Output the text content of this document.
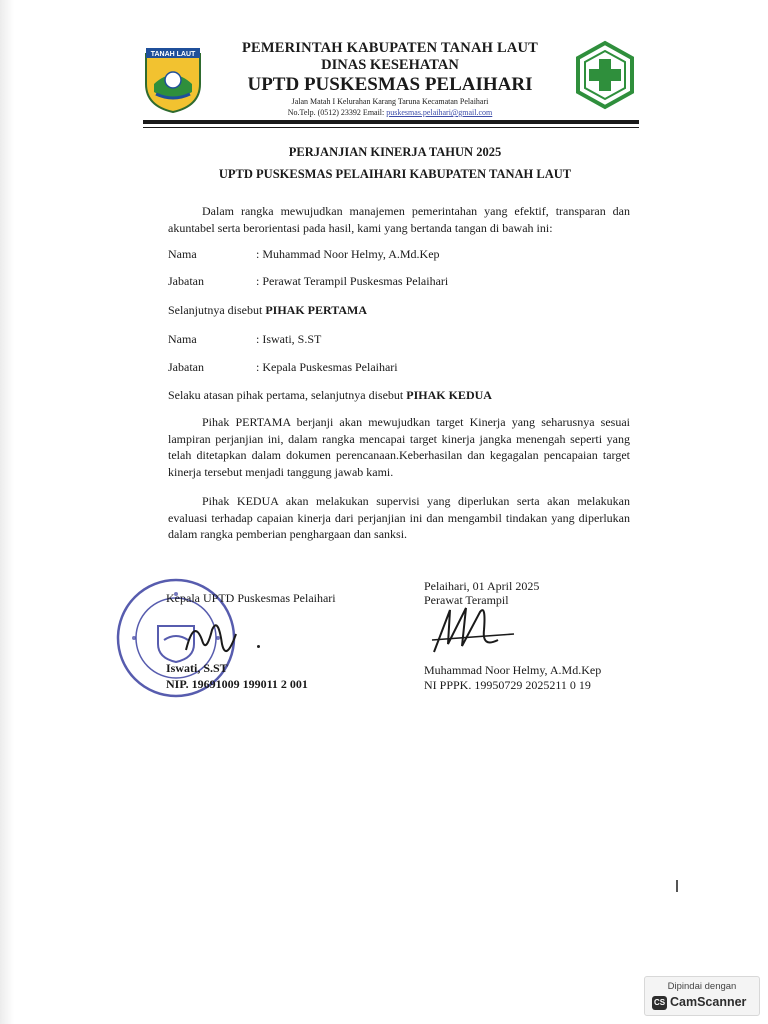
TANAH LAUT	PEMERINTAH KABUPATEN TANAH LAUT
DINAS KESEHATAN
UPTD PUSKESMAS PELAIHARI
Jalan Matah I Kelurahan Karang Taruna Kecamatan Pelaihari
No.Telp. (0512) 23392 Email: puskesmas.pelaihari@gmail.com
PERJANJIAN KINERJA TAHUN 2025
UPTD PUSKESMAS PELAIHARI KABUPATEN TANAH LAUT
Dalam rangka mewujudkan manajemen pemerintahan yang efektif, transparan dan akuntabel serta berorientasi pada hasil, kami yang bertanda tangan di bawah ini:
Nama	: Muhammad Noor Helmy, A.Md.Kep
Jabatan	: Perawat Terampil Puskesmas Pelaihari
Selanjutnya disebut PIHAK PERTAMA
Nama	: Iswati, S.ST
Jabatan	: Kepala Puskesmas Pelaihari
Selaku atasan pihak pertama, selanjutnya disebut PIHAK KEDUA
Pihak PERTAMA berjanji akan mewujudkan target Kinerja yang seharusnya sesuai lampiran perjanjian ini, dalam rangka mencapai target kinerja jangka menengah seperti yang telah ditetapkan dalam dokumen perencanaan.Keberhasilan dan kegagalan pencapaian target kinerja tersebut menjadi tanggung jawab kami.
Pihak KEDUA akan melakukan supervisi yang diperlukan serta akan melakukan evaluasi terhadap capaian kinerja dari perjanjian ini dan mengambil tindakan yang diperlukan dalam rangka pemberian penghargaan dan sanksi.
Kepala UPTD Puskesmas Pelaihari
Iswati, S.ST
NIP. 19691009 199011 2 001
Pelaihari, 01 April 2025
Perawat Terampil
Muhammad Noor Helmy, A.Md.Kep
NI PPPK. 19950729 2025211 0 19
Dipindai dengan
CS CamScanner
